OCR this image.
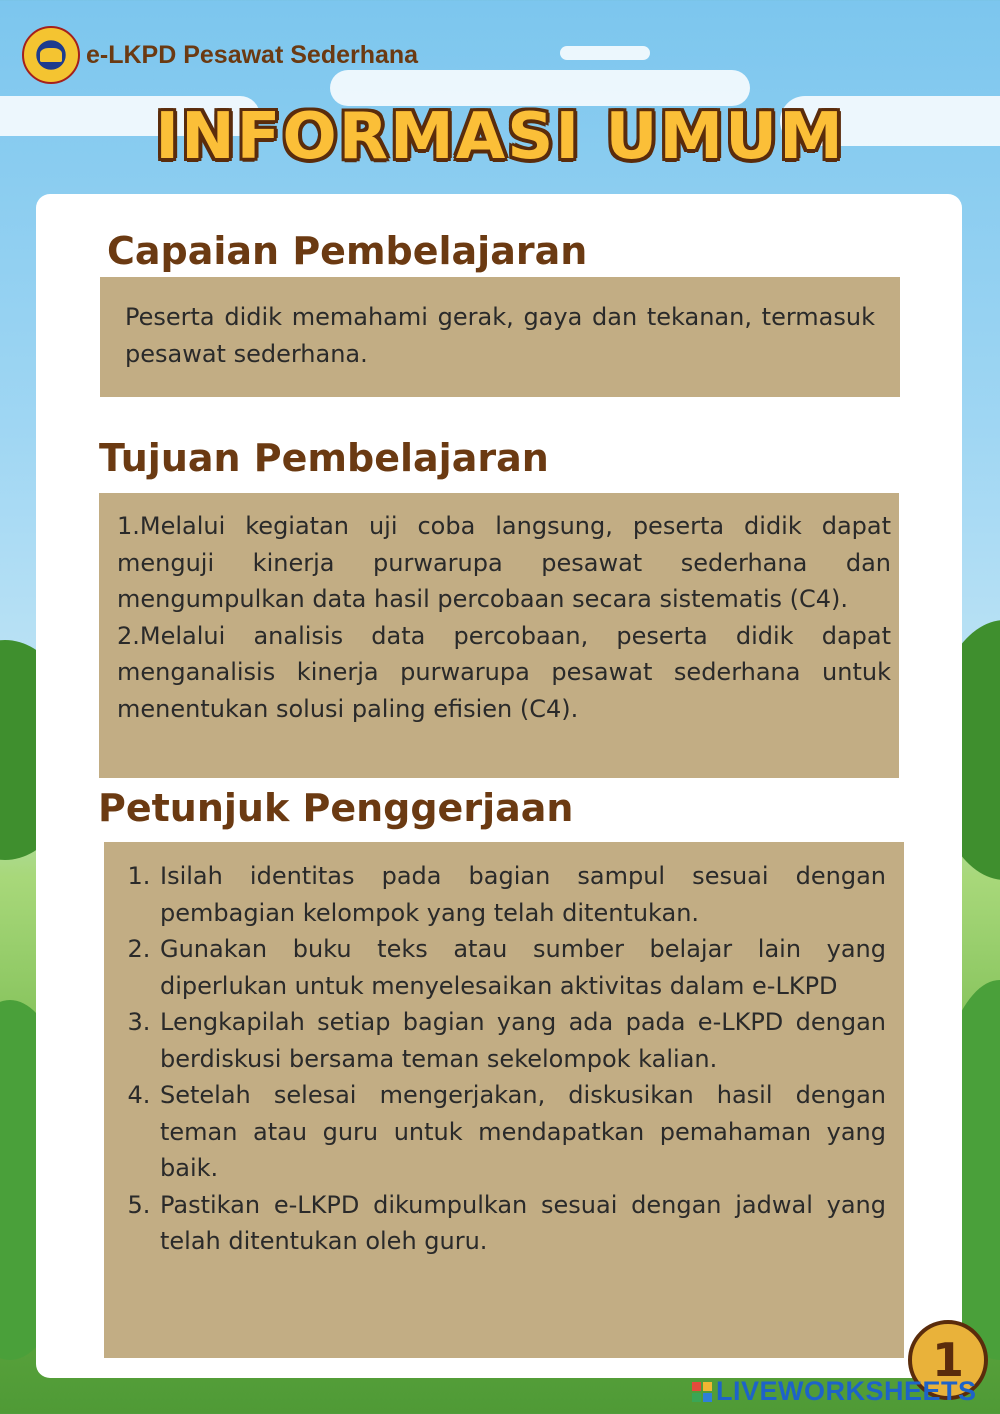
e-LKPD Pesawat Sederhana
INFORMASI UMUM
Capaian Pembelajaran

Peserta didik memahami gerak, gaya dan tekanan, termasuk pesawat sederhana.

Tujuan Pembelajaran

1.Melalui kegiatan uji coba langsung, peserta didik dapat menguji kinerja purwarupa pesawat sederhana dan mengumpulkan data hasil percobaan secara sistematis (C4).

2.Melalui analisis data percobaan, peserta didik dapat menganalisis kinerja purwarupa pesawat sederhana untuk menentukan solusi paling efisien (C4).

Petunjuk Penggerjaan
1. Isilah identitas pada bagian sampul sesuai dengan pembagian kelompok yang telah ditentukan.
2. Gunakan buku teks atau sumber belajar lain yang diperlukan untuk menyelesaikan aktivitas dalam e-LKPD
3. Lengkapilah setiap bagian yang ada pada e-LKPD dengan berdiskusi bersama teman sekelompok kalian.
4. Setelah selesai mengerjakan, diskusikan hasil dengan teman atau guru untuk mendapatkan pemahaman yang baik.
5. Pastikan e-LKPD dikumpulkan sesuai dengan jadwal yang telah ditentukan oleh guru.
1
LIVEWORKSHEETS
